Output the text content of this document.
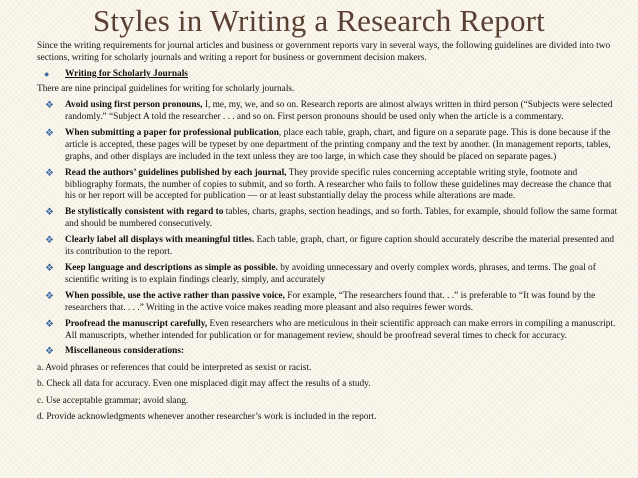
Styles in Writing a Research Report

Since the writing requirements for journal articles and business or government reports vary in several ways, the following guidelines are divided into two sections, writing for scholarly journals and writing a report for business or government decision makers.

● Writing for Scholarly Journals

There are nine principal guidelines for writing for scholarly journals.

❖ Avoid using first person pronouns, I, me, my, we, and so on. Research reports are almost always written in third person (“Subjects were selected randomly.” “Subject A told the researcher . . . and so on. First person pronouns should be used only when the article is a commentary.
❖ When submitting a paper for professional publication, place each table, graph, chart, and figure on a separate page. This is done because if the article is accepted, these pages will be typeset by one department of the printing company and the text by another. (In management reports, tables, graphs, and other displays are included in the text unless they are too large, in which case they should be placed on separate pages.)
❖ Read the authors’ guidelines published by each journal, They provide specific rules concerning acceptable writing style, footnote and bibliography formats, the number of copies to submit, and so forth. A researcher who fails to follow these guidelines may decrease the chance that his or her report will be accepted for publication — or at least substantially delay the process while alterations are made.
❖ Be stylistically consistent with regard to tables, charts, graphs, section headings, and so forth. Tables, for example, should follow the same format and should be numbered consecutively.
❖ Clearly label all displays with meaningful titles. Each table, graph, chart, or figure caption should accurately describe the material presented and its contribution to the report.
❖ Keep language and descriptions as simple as possible. by avoiding unnecessary and overly complex words, phrases, and terms. The goal of scientific writing is to explain findings clearly, simply, and accurately
❖ When possible, use the active rather than passive voice, For example, “The researchers found that. . .” is preferable to “It was found by the researchers that. . . .” Writing in the active voice makes reading more pleasant and also requires fewer words.
❖ Proofread the manuscript carefully, Even researchers who are meticulous in their scientific approach can make errors in compiling a manuscript. All manuscripts, whether intended for publication or for management review, should be proofread several times to check for accuracy.
❖ Miscellaneous considerations:

a. Avoid phrases or references that could be interpreted as sexist or racist.

b. Check all data for accuracy. Even one misplaced digit may affect the results of a study.

c. Use acceptable grammar; avoid slang.

d. Provide acknowledgments whenever another researcher’s work is included in the report.
